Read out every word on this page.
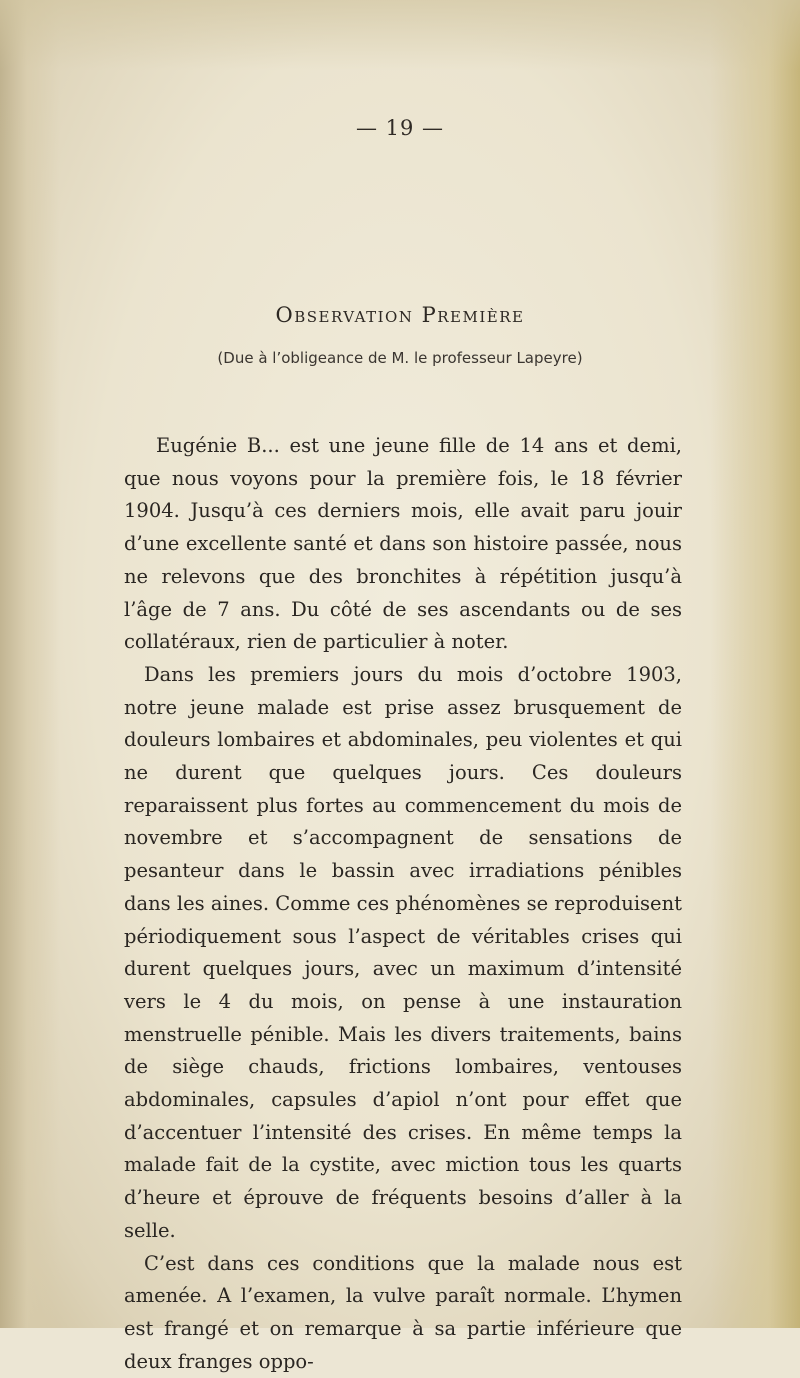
— 19 —
Observation Première
(Due à l’obligeance de M. le professeur Lapeyre)

Eugénie B... est une jeune fille de 14 ans et demi, que nous voyons pour la première fois, le 18 février 1904. Jusqu’à ces derniers mois, elle avait paru jouir d’une excellente santé et dans son histoire passée, nous ne relevons que des bronchites à répétition jusqu’à l’âge de 7 ans. Du côté de ses ascendants ou de ses collatéraux, rien de particulier à noter.

Dans les premiers jours du mois d’octobre 1903, notre jeune malade est prise assez brusquement de douleurs lombaires et abdominales, peu violentes et qui ne durent que quelques jours. Ces douleurs reparaissent plus fortes au commencement du mois de novembre et s’accompagnent de sensations de pesanteur dans le bassin avec irradiations pénibles dans les aines. Comme ces phénomènes se reproduisent périodiquement sous l’aspect de véritables crises qui durent quelques jours, avec un maximum d’intensité vers le 4 du mois, on pense à une instauration menstruelle pénible. Mais les divers traitements, bains de siège chauds, frictions lombaires, ventouses abdominales, capsules d’apiol n’ont pour effet que d’accentuer l’intensité des crises. En même temps la malade fait de la cystite, avec miction tous les quarts d’heure et éprouve de fréquents besoins d’aller à la selle.

C’est dans ces conditions que la malade nous est amenée. A l’examen, la vulve paraît normale. L’hymen est frangé et on remarque à sa partie inférieure que deux franges oppo-
